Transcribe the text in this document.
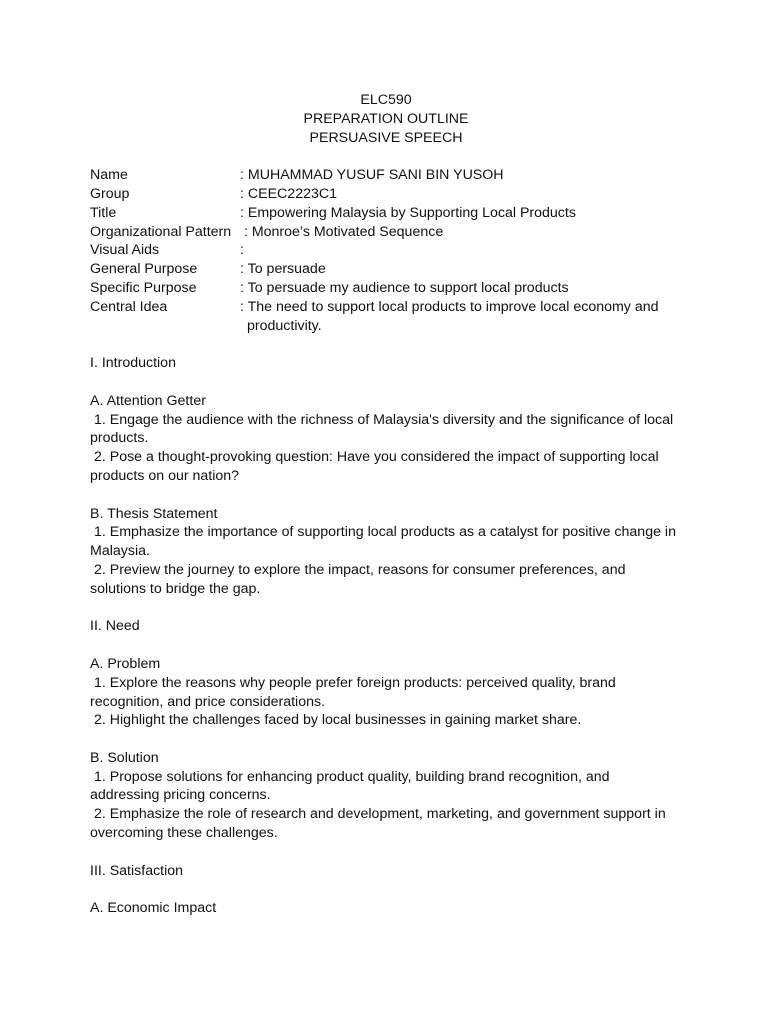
ELC590
PREPARATION OUTLINE
PERSUASIVE SPEECH
Name	: MUHAMMAD YUSUF SANI BIN YUSOH
Group	: CEEC2223C1
Title	: Empowering Malaysia by Supporting Local Products
Organizational Pattern : Monroe’s Motivated Sequence
Visual Aids	:
General Purpose	: To persuade
Specific Purpose	: To persuade my audience to support local products
Central Idea	: The need to support local products to improve local economy and productivity.

I. Introduction

A. Attention Getter

1. Engage the audience with the richness of Malaysia's diversity and the significance of local products.

2. Pose a thought-provoking question: Have you considered the impact of supporting local products on our nation?

B. Thesis Statement

1. Emphasize the importance of supporting local products as a catalyst for positive change in Malaysia.

2. Preview the journey to explore the impact, reasons for consumer preferences, and solutions to bridge the gap.

II. Need

A. Problem

1. Explore the reasons why people prefer foreign products: perceived quality, brand recognition, and price considerations.

2. Highlight the challenges faced by local businesses in gaining market share.

B. Solution

1. Propose solutions for enhancing product quality, building brand recognition, and addressing pricing concerns.

2. Emphasize the role of research and development, marketing, and government support in overcoming these challenges.

III. Satisfaction

A. Economic Impact
